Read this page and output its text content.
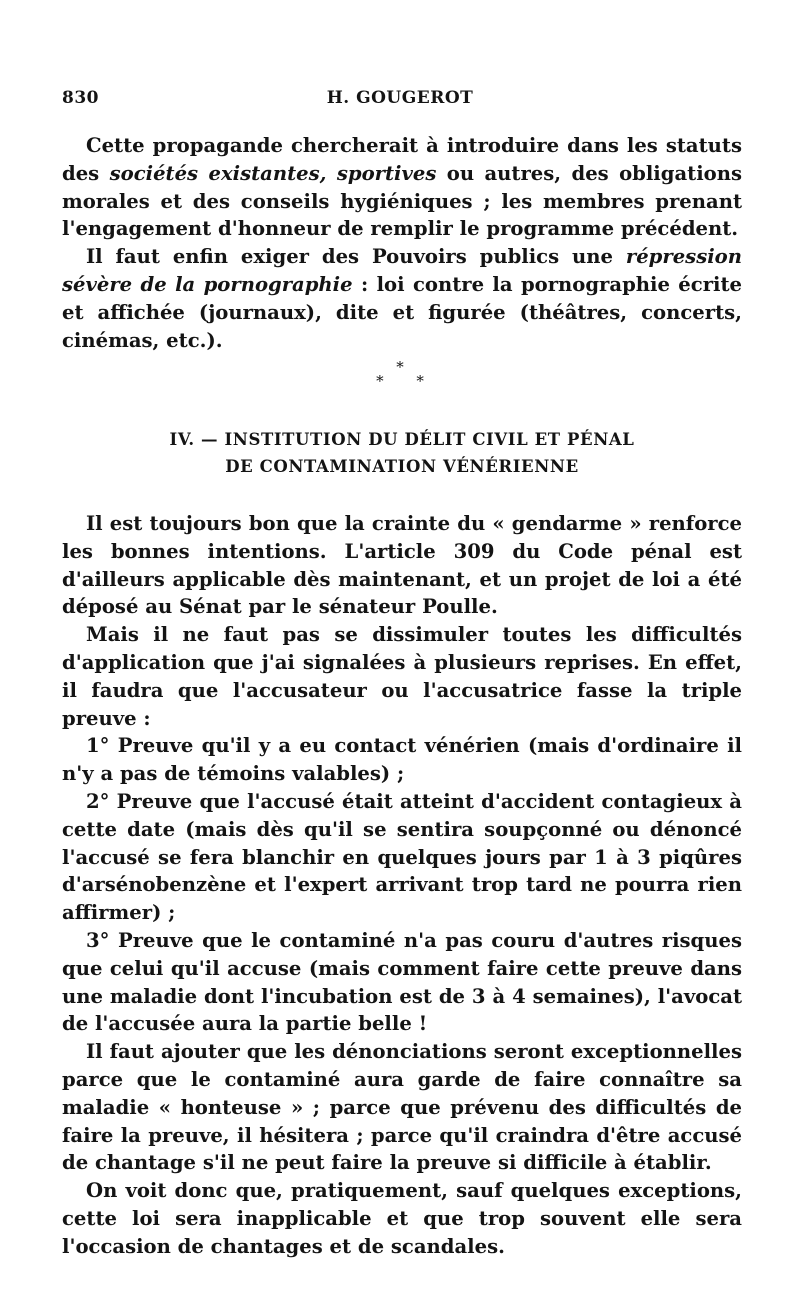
830	H. GOUGEROT

Cette propagande chercherait à introduire dans les statuts des sociétés existantes, sportives ou autres, des obligations morales et des conseils hygiéniques ; les membres prenant l'engagement d'honneur de remplir le programme précédent.

Il faut enfin exiger des Pouvoirs publics une répression sévère de la pornographie : loi contre la pornographie écrite et affichée (journaux), dite et figurée (théâtres, concerts, cinémas, etc.).

*
* *
IV. — INSTITUTION DU DÉLIT CIVIL ET PÉNAL
DE CONTAMINATION VÉNÉRIENNE

Il est toujours bon que la crainte du « gendarme » renforce les bonnes intentions. L'article 309 du Code pénal est d'ailleurs applicable dès maintenant, et un projet de loi a été déposé au Sénat par le sénateur Poulle.

Mais il ne faut pas se dissimuler toutes les difficultés d'application que j'ai signalées à plusieurs reprises. En effet, il faudra que l'accusateur ou l'accusatrice fasse la triple preuve :

1° Preuve qu'il y a eu contact vénérien (mais d'ordinaire il n'y a pas de témoins valables) ;

2° Preuve que l'accusé était atteint d'accident contagieux à cette date (mais dès qu'il se sentira soupçonné ou dénoncé l'accusé se fera blanchir en quelques jours par 1 à 3 piqûres d'arsénobenzène et l'expert arrivant trop tard ne pourra rien affirmer) ;

3° Preuve que le contaminé n'a pas couru d'autres risques que celui qu'il accuse (mais comment faire cette preuve dans une maladie dont l'incubation est de 3 à 4 semaines), l'avocat de l'accusée aura la partie belle !

Il faut ajouter que les dénonciations seront exceptionnelles parce que le contaminé aura garde de faire connaître sa maladie « honteuse » ; parce que prévenu des difficultés de faire la preuve, il hésitera ; parce qu'il craindra d'être accusé de chantage s'il ne peut faire la preuve si difficile à établir.

On voit donc que, pratiquement, sauf quelques exceptions, cette loi sera inapplicable et que trop souvent elle sera l'occasion de chantages et de scandales.
